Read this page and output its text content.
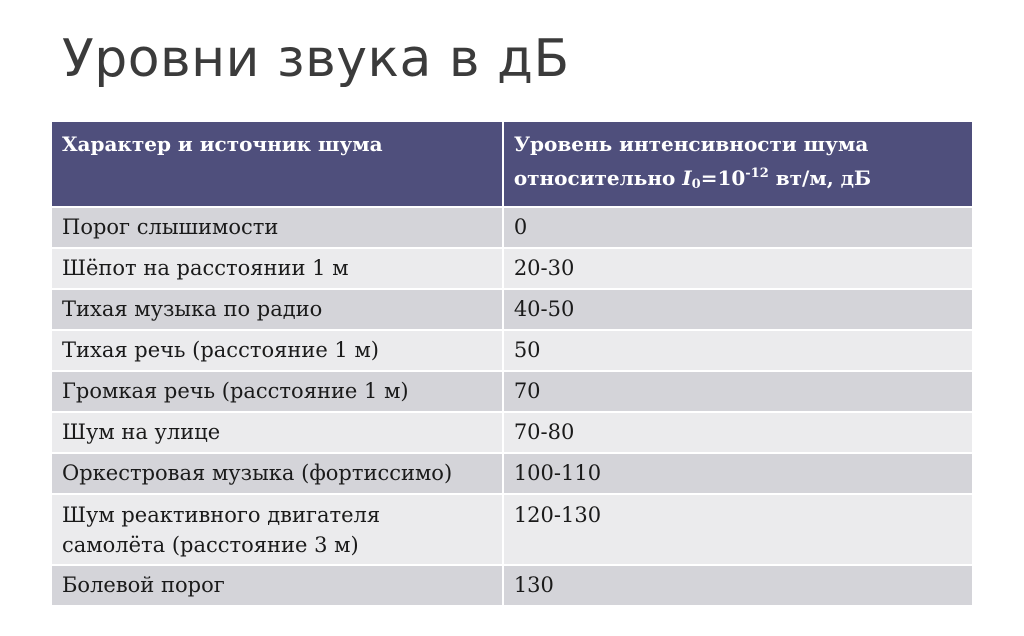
Уровни звука в дБ
Характер и источник шума	Уровень интенсивности шума
относительно $I_0=10^{-12}$ вт/м, дБ
Порог слышимости	0
Шёпот на расстоянии 1 м	20-30
Тихая музыка по радио	40-50
Тихая речь (расстояние 1 м)	50
Громкая речь (расстояние 1 м)	70
Шум на улице	70-80
Оркестровая музыка (фортиссимо)	100-110
Шум реактивного двигателя
самолёта (расстояние 3 м)	120-130
Болевой порог	130
